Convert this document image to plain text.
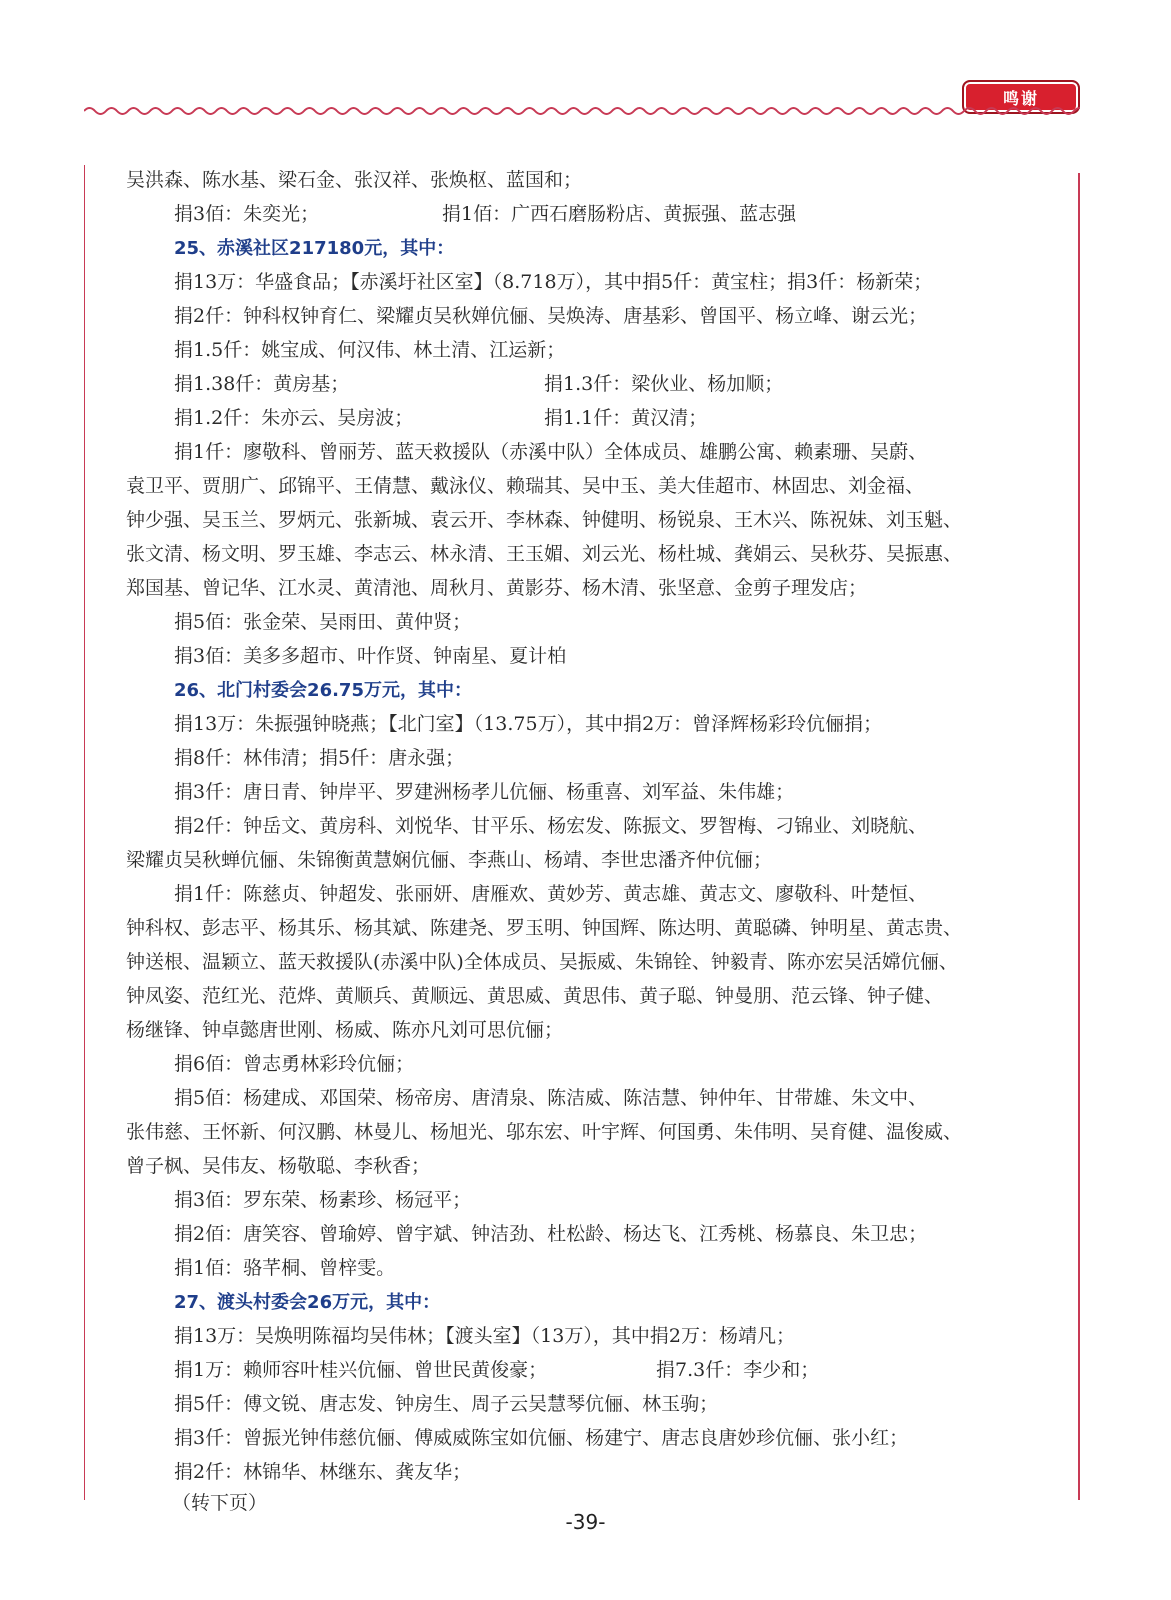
鸣谢
吴洪森、陈水基、梁石金、张汉祥、张焕枢、蓝国和；
捐3佰：朱奕光；	捐1佰：广西石磨肠粉店、黄振强、蓝志强
25、赤溪社区217180元，其中：
捐13万：华盛食品；【赤溪圩社区室】（8.718万），其中捐5仟：黄宝柱；捐3仟：杨新荣；
捐2仟：钟科权钟育仁、梁耀贞吴秋婵伉俪、吴焕涛、唐基彩、曾国平、杨立峰、谢云光；
捐1.5仟：姚宝成、何汉伟、林土清、江运新；
捐1.38仟：黄房基；	捐1.3仟：梁伙业、杨加顺；
捐1.2仟：朱亦云、吴房波；	捐1.1仟：黄汉清；
捐1仟：廖敬科、曾丽芳、蓝天救援队（赤溪中队）全体成员、雄鹏公寓、赖素珊、吴蔚、
袁卫平、贾朋广、邱锦平、王倩慧、戴泳仪、赖瑞其、吴中玉、美大佳超市、林固忠、刘金福、
钟少强、吴玉兰、罗炳元、张新城、袁云开、李林森、钟健明、杨锐泉、王木兴、陈祝妹、刘玉魁、
张文清、杨文明、罗玉雄、李志云、林永清、王玉媚、刘云光、杨杜城、龚娟云、吴秋芬、吴振惠、
郑国基、曾记华、江水灵、黄清池、周秋月、黄影芬、杨木清、张坚意、金剪子理发店；
捐5佰：张金荣、吴雨田、黄仲贤；
捐3佰：美多多超市、叶作贤、钟南星、夏计柏
26、北门村委会26.75万元，其中：
捐13万：朱振强钟晓燕；【北门室】（13.75万），其中捐2万：曾泽辉杨彩玲伉俪捐；
捐8仟：林伟清；捐5仟：唐永强；
捐3仟：唐日青、钟岸平、罗建洲杨孝儿伉俪、杨重喜、刘军益、朱伟雄；
捐2仟：钟岳文、黄房科、刘悦华、甘平乐、杨宏发、陈振文、罗智梅、刁锦业、刘晓航、
梁耀贞吴秋蝉伉俪、朱锦衡黄慧娴伉俪、李燕山、杨靖、李世忠潘齐仲伉俪；
捐1仟：陈慈贞、钟超发、张丽妍、唐雁欢、黄妙芳、黄志雄、黄志文、廖敬科、叶楚恒、
钟科权、彭志平、杨其乐、杨其斌、陈建尧、罗玉明、钟国辉、陈达明、黄聪磷、钟明星、黄志贵、
钟送根、温颖立、蓝天救援队(赤溪中队)全体成员、吴振威、朱锦铨、钟毅青、陈亦宏吴活嫦伉俪、
钟凤姿、范红光、范烨、黄顺兵、黄顺远、黄思威、黄思伟、黄子聪、钟曼朋、范云锋、钟子健、
杨继锋、钟卓懿唐世刚、杨威、陈亦凡刘可思伉俪；
捐6佰：曾志勇林彩玲伉俪；
捐5佰：杨建成、邓国荣、杨帝房、唐清泉、陈洁威、陈洁慧、钟仲年、甘带雄、朱文中、
张伟慈、王怀新、何汉鹏、林曼儿、杨旭光、邬东宏、叶宇辉、何国勇、朱伟明、吴育健、温俊威、
曾子枫、吴伟友、杨敬聪、李秋香；
捐3佰：罗东荣、杨素珍、杨冠平；
捐2佰：唐笑容、曾瑜婷、曾宇斌、钟洁劲、杜松龄、杨达飞、江秀桃、杨慕良、朱卫忠；
捐1佰：骆芊桐、曾梓雯。
27、渡头村委会26万元，其中：
捐13万：吴焕明陈福均吴伟林；【渡头室】（13万），其中捐2万：杨靖凡；
捐1万：赖师容叶桂兴伉俪、曾世民黄俊豪；	捐7.3仟：李少和；
捐5仟：傅文锐、唐志发、钟房生、周子云吴慧琴伉俪、林玉驹；
捐3仟：曾振光钟伟慈伉俪、傅威威陈宝如伉俪、杨建宁、唐志良唐妙珍伉俪、张小红；
捐2仟：林锦华、林继东、龚友华；
（转下页）
-39-
